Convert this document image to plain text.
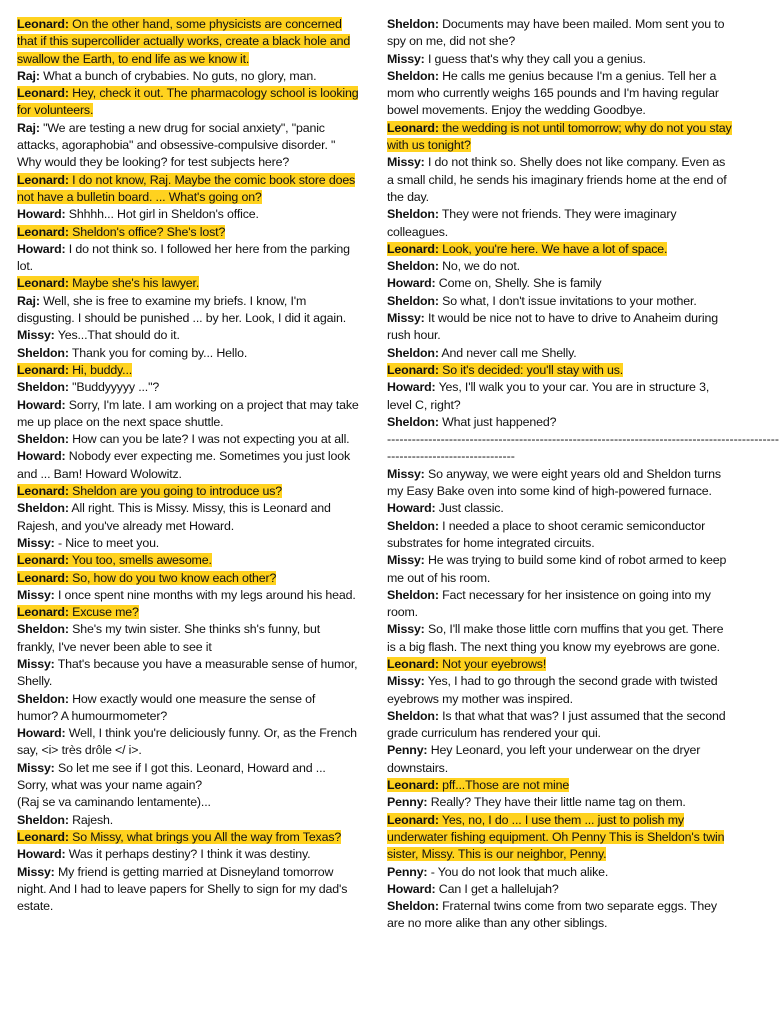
Leonard: On the other hand, some physicists are concerned that if this supercollider actually works, create a black hole and swallow the Earth, to end life as we know it.

Raj: What a bunch of crybabies. No guts, no glory, man.

Leonard: Hey, check it out. The pharmacology school is looking for volunteers.

Raj: "We are testing a new drug for social anxiety", "panic attacks, agoraphobia" and obsessive-compulsive disorder. " Why would they be looking? for test subjects here?

Leonard: I do not know, Raj. Maybe the comic book store does not have a bulletin board. ... What's going on?

Howard: Shhhh... Hot girl in Sheldon's office.

Leonard: Sheldon's office? She's lost?

Howard: I do not think so. I followed her here from the parking lot.

Leonard: Maybe she's his lawyer.

Raj: Well, she is free to examine my briefs. I know, I'm disgusting. I should be punished ... by her. Look, I did it again.

Missy: Yes...That should do it.

Sheldon: Thank you for coming by... Hello.

Leonard: Hi, buddy...

Sheldon: "Buddyyyyy ..."?

Howard: Sorry, I'm late. I am working on a project that may take me up place on the next space shuttle.

Sheldon: How can you be late? I was not expecting you at all.

Howard: Nobody ever expecting me. Sometimes you just look and ... Bam! Howard Wolowitz.

Leonard: Sheldon are you going to introduce us?

Sheldon: All right. This is Missy. Missy, this is Leonard and Rajesh, and you've already met Howard.

Missy: - Nice to meet you.

Leonard: You too, smells awesome.

Leonard: So, how do you two know each other?

Missy: I once spent nine months with my legs around his head.

Leonard: Excuse me?

Sheldon: She's my twin sister. She thinks sh's funny, but frankly, I've never been able to see it

Missy: That's because you have a measurable sense of humor, Shelly.

Sheldon: How exactly would one measure the sense of humor? A humourmometer?

Howard: Well, I think you're deliciously funny. Or, as the French say, <i> très drôle </ i>.

Missy: So let me see if I got this. Leonard, Howard and ... Sorry, what was your name again?

(Raj se va caminando lentamente)...

Sheldon: Rajesh.

Leonard: So Missy, what brings you All the way from Texas?

Howard: Was it perhaps destiny? I think it was destiny.

Missy: My friend is getting married at Disneyland tomorrow night. And I had to leave papers for Shelly to sign for my dad's estate.

Sheldon: Documents may have been mailed. Mom sent you to spy on me, did not she?

Missy: I guess that's why they call you a genius.

Sheldon: He calls me genius because I'm a genius. Tell her a mom who currently weighs 165 pounds and I'm having regular bowel movements. Enjoy the wedding Goodbye.

Leonard: the wedding is not until tomorrow; why do not you stay with us tonight?

Missy: I do not think so. Shelly does not like company. Even as a small child, he sends his imaginary friends home at the end of the day.

Sheldon: They were not friends. They were imaginary colleagues.

Leonard: Look, you're here. We have a lot of space.

Sheldon: No, we do not.

Howard: Come on, Shelly. She is family

Sheldon: So what, I don't issue invitations to your mother.

Missy: It would be nice not to have to drive to Anaheim during rush hour.

Sheldon: And never call me Shelly.

Leonard: So it's decided: you'll stay with us.

Howard: Yes, I'll walk you to your car. You are in structure 3, level C, right?

Sheldon: What just happened?

-----------------------------------------------------------------------------------------------

-------------------------------

Missy: So anyway, we were eight years old and Sheldon turns my Easy Bake oven into some kind of high-powered furnace.

Howard: Just classic.

Sheldon: I needed a place to shoot ceramic semiconductor substrates for home integrated circuits.

Missy: He was trying to build some kind of robot armed to keep me out of his room.

Sheldon: Fact necessary for her insistence on going into my room.

Missy: So, I'll make those little corn muffins that you get. There is a big flash. The next thing you know my eyebrows are gone.

Leonard: Not your eyebrows!

Missy: Yes, I had to go through the second grade with twisted eyebrows my mother was inspired.

Sheldon: Is that what that was? I just assumed that the second grade curriculum has rendered your qui.

Penny: Hey Leonard, you left your underwear on the dryer downstairs.

Leonard: pff...Those are not mine

Penny: Really? They have their little name tag on them.

Leonard: Yes, no, I do ... I use them ... just to polish my underwater fishing equipment. Oh Penny This is Sheldon's twin sister, Missy. This is our neighbor, Penny.

Penny: - You do not look that much alike.

Howard: Can I get a hallelujah?

Sheldon: Fraternal twins come from two separate eggs. They are no more alike than any other siblings.
